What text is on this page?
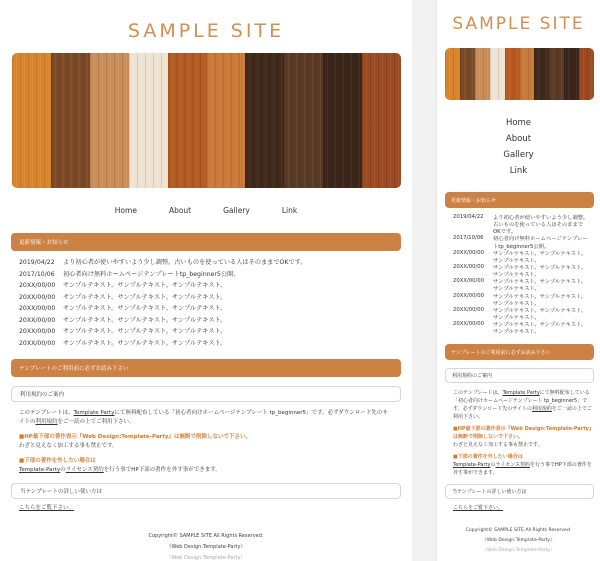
SAMPLE SITE
Home	About	Gallery	Link
更新情報・お知らせ
2019/04/22	より初心者が使いやすいよう少し調整。古いものを使っている人はそのままでOKです。
2017/10/06	初心者向け無料ホームページテンプレートtp_beginner5公開。
20XX/00/00	サンプルテキスト。サンプルテキスト。サンプルテキスト。
20XX/00/00	サンプルテキスト。サンプルテキスト。サンプルテキスト。
20XX/00/00	サンプルテキスト。サンプルテキスト。サンプルテキスト。
20XX/00/00	サンプルテキスト。サンプルテキスト。サンプルテキスト。
20XX/00/00	サンプルテキスト。サンプルテキスト。サンプルテキスト。
20XX/00/00	サンプルテキスト。サンプルテキスト。サンプルテキスト。
テンプレートのご利用前に必ずお読み下さい
利用規約のご案内
このテンプレートは、Template Partyにて無料配布している「初心者向けホームページテンプレート tp_beginner5」です。必ずダウンロード先のサイトの利用規約をご一読の上でご利用下さい。
■HP最下部の著作表示『Web Design:Template-Party』は無断で削除しないで下さい。
わざと見えなく加工する事も禁止です。
■下部の著作を外したい場合は
Template-Partyのライセンス契約を行う事でHP下部の著作を外す事ができます。
当テンプレートの詳しい使い方は
こちらをご覧下さい。
Copyright© SAMPLE SITE All Rights Reserved.
《Web Design:Template-Party》
《Web Design:Template-Party》
SAMPLE SITE
Home
About
Gallery
Link
更新情報・お知らせ
2019/04/22	より初心者が使いやすいよう少し調整。古いものを使っている人はそのままでOKです。
2017/10/06	初心者向け無料ホームページテンプレートtp_beginner5公開。
20XX/00/00	サンプルテキスト。サンプルテキスト。サンプルテキスト。
20XX/00/00	サンプルテキスト。サンプルテキスト。サンプルテキスト。
20XX/00/00	サンプルテキスト。サンプルテキスト。サンプルテキスト。
20XX/00/00	サンプルテキスト。サンプルテキスト。サンプルテキスト。
20XX/00/00	サンプルテキスト。サンプルテキスト。サンプルテキスト。
20XX/00/00	サンプルテキスト。サンプルテキスト。サンプルテキスト。
テンプレートのご利用前に必ずお読み下さい
利用規約のご案内
このテンプレートは、Template Partyにて無料配布している「初心者向けホームページテンプレート tp_beginner5」です。必ずダウンロード先のサイトの利用規約をご一読の上でご利用下さい。
■HP最下部の著作表示『Web Design:Template-Party』は無断で削除しないで下さい。
わざと見えなく加工する事も禁止です。
■下部の著作を外したい場合は
Template-Partyのライセンス契約を行う事でHP下部の著作を外す事ができます。
当テンプレートの詳しい使い方は
こちらをご覧下さい。
Copyright© SAMPLE SITE All Rights Reserved.
《Web Design:Template-Party》
《Web Design:Template-Party》
